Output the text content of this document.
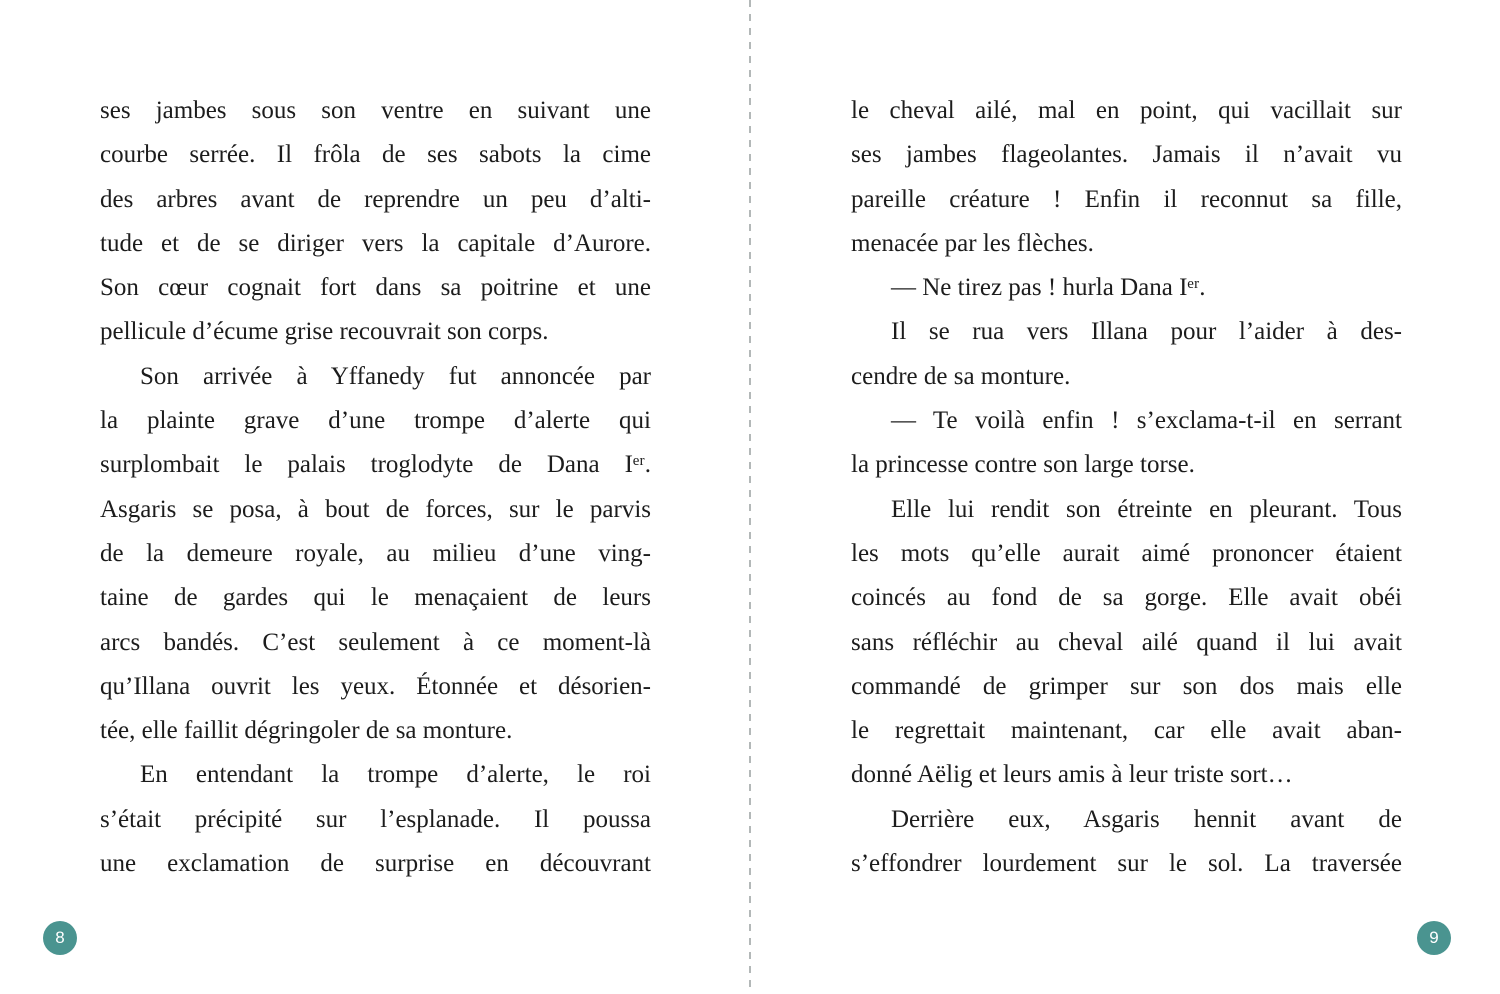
ses jambes sous son ventre en suivant une
courbe serrée. Il frôla de ses sabots la cime
des arbres avant de reprendre un peu d’alti-
tude et de se diriger vers la capitale d’Aurore.
Son cœur cognait fort dans sa poitrine et une
pellicule d’écume grise recouvrait son corps.
Son arrivée à Yffanedy fut annoncée par
la plainte grave d’une trompe d’alerte qui
surplombait le palais troglodyte de Dana Iᵉʳ.
Asgaris se posa, à bout de forces, sur le parvis
de la demeure royale, au milieu d’une ving-
taine de gardes qui le menaçaient de leurs
arcs bandés. C’est seulement à ce moment-là
qu’Illana ouvrit les yeux. Étonnée et désorien-
tée, elle faillit dégringoler de sa monture.
En entendant la trompe d’alerte, le roi
s’était précipité sur l’esplanade. Il poussa
une exclamation de surprise en découvrant
le cheval ailé, mal en point, qui vacillait sur
ses jambes flageolantes. Jamais il n’avait vu
pareille créature ! Enfin il reconnut sa fille,
menacée par les flèches.
— Ne tirez pas ! hurla Dana Iᵉʳ.
Il se rua vers Illana pour l’aider à des-
cendre de sa monture.
— Te voilà enfin ! s’exclama-t-il en serrant
la princesse contre son large torse.
Elle lui rendit son étreinte en pleurant. Tous
les mots qu’elle aurait aimé prononcer étaient
coincés au fond de sa gorge. Elle avait obéi
sans réfléchir au cheval ailé quand il lui avait
commandé de grimper sur son dos mais elle
le regrettait maintenant, car elle avait aban-
donné Aëlig et leurs amis à leur triste sort…
Derrière eux, Asgaris hennit avant de
s’effondrer lourdement sur le sol. La traversée
8	9
